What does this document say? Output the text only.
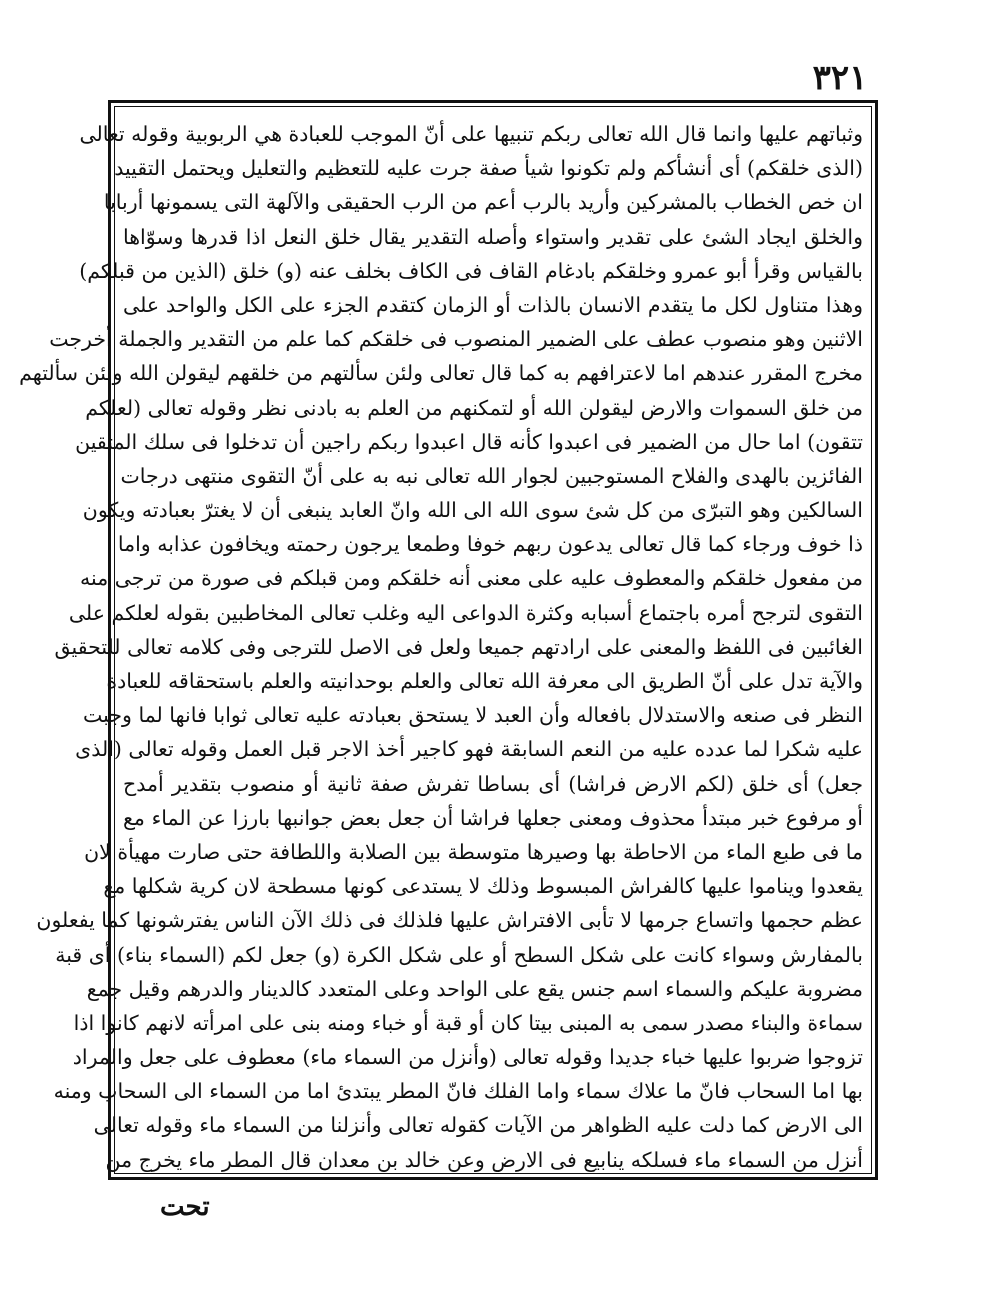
٣٢١
وثباتهم عليها وانما قال الله تعالى ربكم تنبيها على أنّ الموجب للعبادة هي الربوبية وقوله تعالى
(الذى خلقكم) أى أنشأكم ولم تكونوا شيأ صفة جرت عليه للتعظيم والتعليل ويحتمل التقييد
ان خص الخطاب بالمشركين وأريد بالرب أعم من الرب الحقيقى والآلهة التى يسمونها أربابا
والخلق ايجاد الشئ على تقدير واستواء وأصله التقدير يقال خلق النعل اذا قدرها وسوّاها
بالقياس وقرأ أبو عمرو وخلقكم بادغام القاف فى الكاف بخلف عنه (و) خلق (الذين من قبلكم)
وهذا متناول لكل ما يتقدم الانسان بالذات أو الزمان كتقدم الجزء على الكل والواحد على
الاثنين وهو منصوب عطف على الضمير المنصوب فى خلقكم كما علم من التقدير والجملة أخرجت
مخرج المقرر عندهم اما لاعترافهم به كما قال تعالى ولئن سألتهم من خلقهم ليقولن الله ولئن سألتهم
من خلق السموات والارض ليقولن الله أو لتمكنهم من العلم به بادنى نظر وقوله تعالى (لعلكم
تتقون) اما حال من الضمير فى اعبدوا كأنه قال اعبدوا ربكم راجين أن تدخلوا فى سلك المتقين
الفائزين بالهدى والفلاح المستوجبين لجوار الله تعالى نبه به على أنّ التقوى منتهى درجات
السالكين وهو التبرّى من كل شئ سوى الله الى الله وانّ العابد ينبغى أن لا يغترّ بعبادته ويكون
ذا خوف ورجاء كما قال تعالى يدعون ربهم خوفا وطمعا يرجون رحمته ويخافون عذابه واما
من مفعول خلقكم والمعطوف عليه على معنى أنه خلقكم ومن قبلكم فى صورة من ترجى منه
التقوى لترجح أمره باجتماع أسبابه وكثرة الدواعى اليه وغلب تعالى المخاطبين بقوله لعلكم على
الغائبين فى اللفظ والمعنى على ارادتهم جميعا ولعل فى الاصل للترجى وفى كلامه تعالى للتحقيق
والآية تدل على أنّ الطريق الى معرفة الله تعالى والعلم بوحدانيته والعلم باستحقاقه للعبادة
النظر فى صنعه والاستدلال بافعاله وأن العبد لا يستحق بعبادته عليه تعالى ثوابا فانها لما وجبت
عليه شكرا لما عدده عليه من النعم السابقة فهو كاجير أخذ الاجر قبل العمل وقوله تعالى (الذى
جعل) أى خلق (لكم الارض فراشا) أى بساطا تفرش صفة ثانية أو منصوب بتقدير أمدح
أو مرفوع خبر مبتدأ محذوف ومعنى جعلها فراشا أن جعل بعض جوانبها بارزا عن الماء مع
ما فى طبع الماء من الاحاطة بها وصيرها متوسطة بين الصلابة واللطافة حتى صارت مهيأة لان
يقعدوا ويناموا عليها كالفراش المبسوط وذلك لا يستدعى كونها مسطحة لان كرية شكلها مع
عظم حجمها واتساع جرمها لا تأبى الافتراش عليها فلذلك فى ذلك الآن الناس يفترشونها كما يفعلون
بالمفارش وسواء كانت على شكل السطح أو على شكل الكرة (و) جعل لكم (السماء بناء) أى قبة
مضروبة عليكم والسماء اسم جنس يقع على الواحد وعلى المتعدد كالدينار والدرهم وقيل جمع
سماءة والبناء مصدر سمى به المبنى بيتا كان أو قبة أو خباء ومنه بنى على امرأته لانهم كانوا اذا
تزوجوا ضربوا عليها خباء جديدا وقوله تعالى (وأنزل من السماء ماء) معطوف على جعل والمراد
بها اما السحاب فانّ ما علاك سماء واما الفلك فانّ المطر يبتدئ اما من السماء الى السحاب ومنه
الى الارض كما دلت عليه الظواهر من الآيات كقوله تعالى وأنزلنا من السماء ماء وقوله تعالى
أنزل من السماء ماء فسلكه ينابيع فى الارض وعن خالد بن معدان قال المطر ماء يخرج من
تحت
